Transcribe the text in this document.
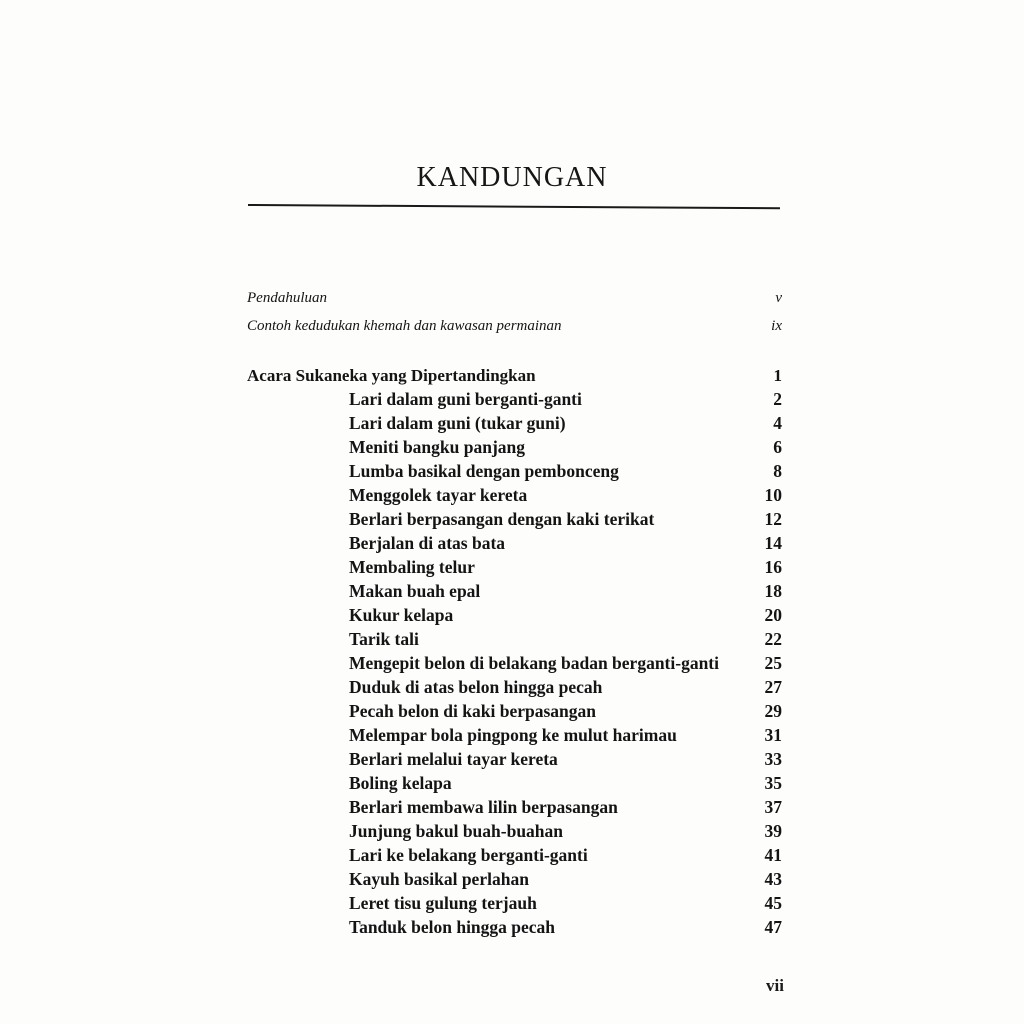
KANDUNGAN
Pendahuluan	v
Contoh kedudukan khemah dan kawasan permainan	ix
Acara Sukaneka yang Dipertandingkan	1
Lari dalam guni berganti-ganti	2
Lari dalam guni (tukar guni)	4
Meniti bangku panjang	6
Lumba basikal dengan pembonceng	8
Menggolek tayar kereta	10
Berlari berpasangan dengan kaki terikat	12
Berjalan di atas bata	14
Membaling telur	16
Makan buah epal	18
Kukur kelapa	20
Tarik tali	22
Mengepit belon di belakang badan berganti-ganti	25
Duduk di atas belon hingga pecah	27
Pecah belon di kaki berpasangan	29
Melempar bola pingpong ke mulut harimau	31
Berlari melalui tayar kereta	33
Boling kelapa	35
Berlari membawa lilin berpasangan	37
Junjung bakul buah-buahan	39
Lari ke belakang berganti-ganti	41
Kayuh basikal perlahan	43
Leret tisu gulung terjauh	45
Tanduk belon hingga pecah	47
vii
